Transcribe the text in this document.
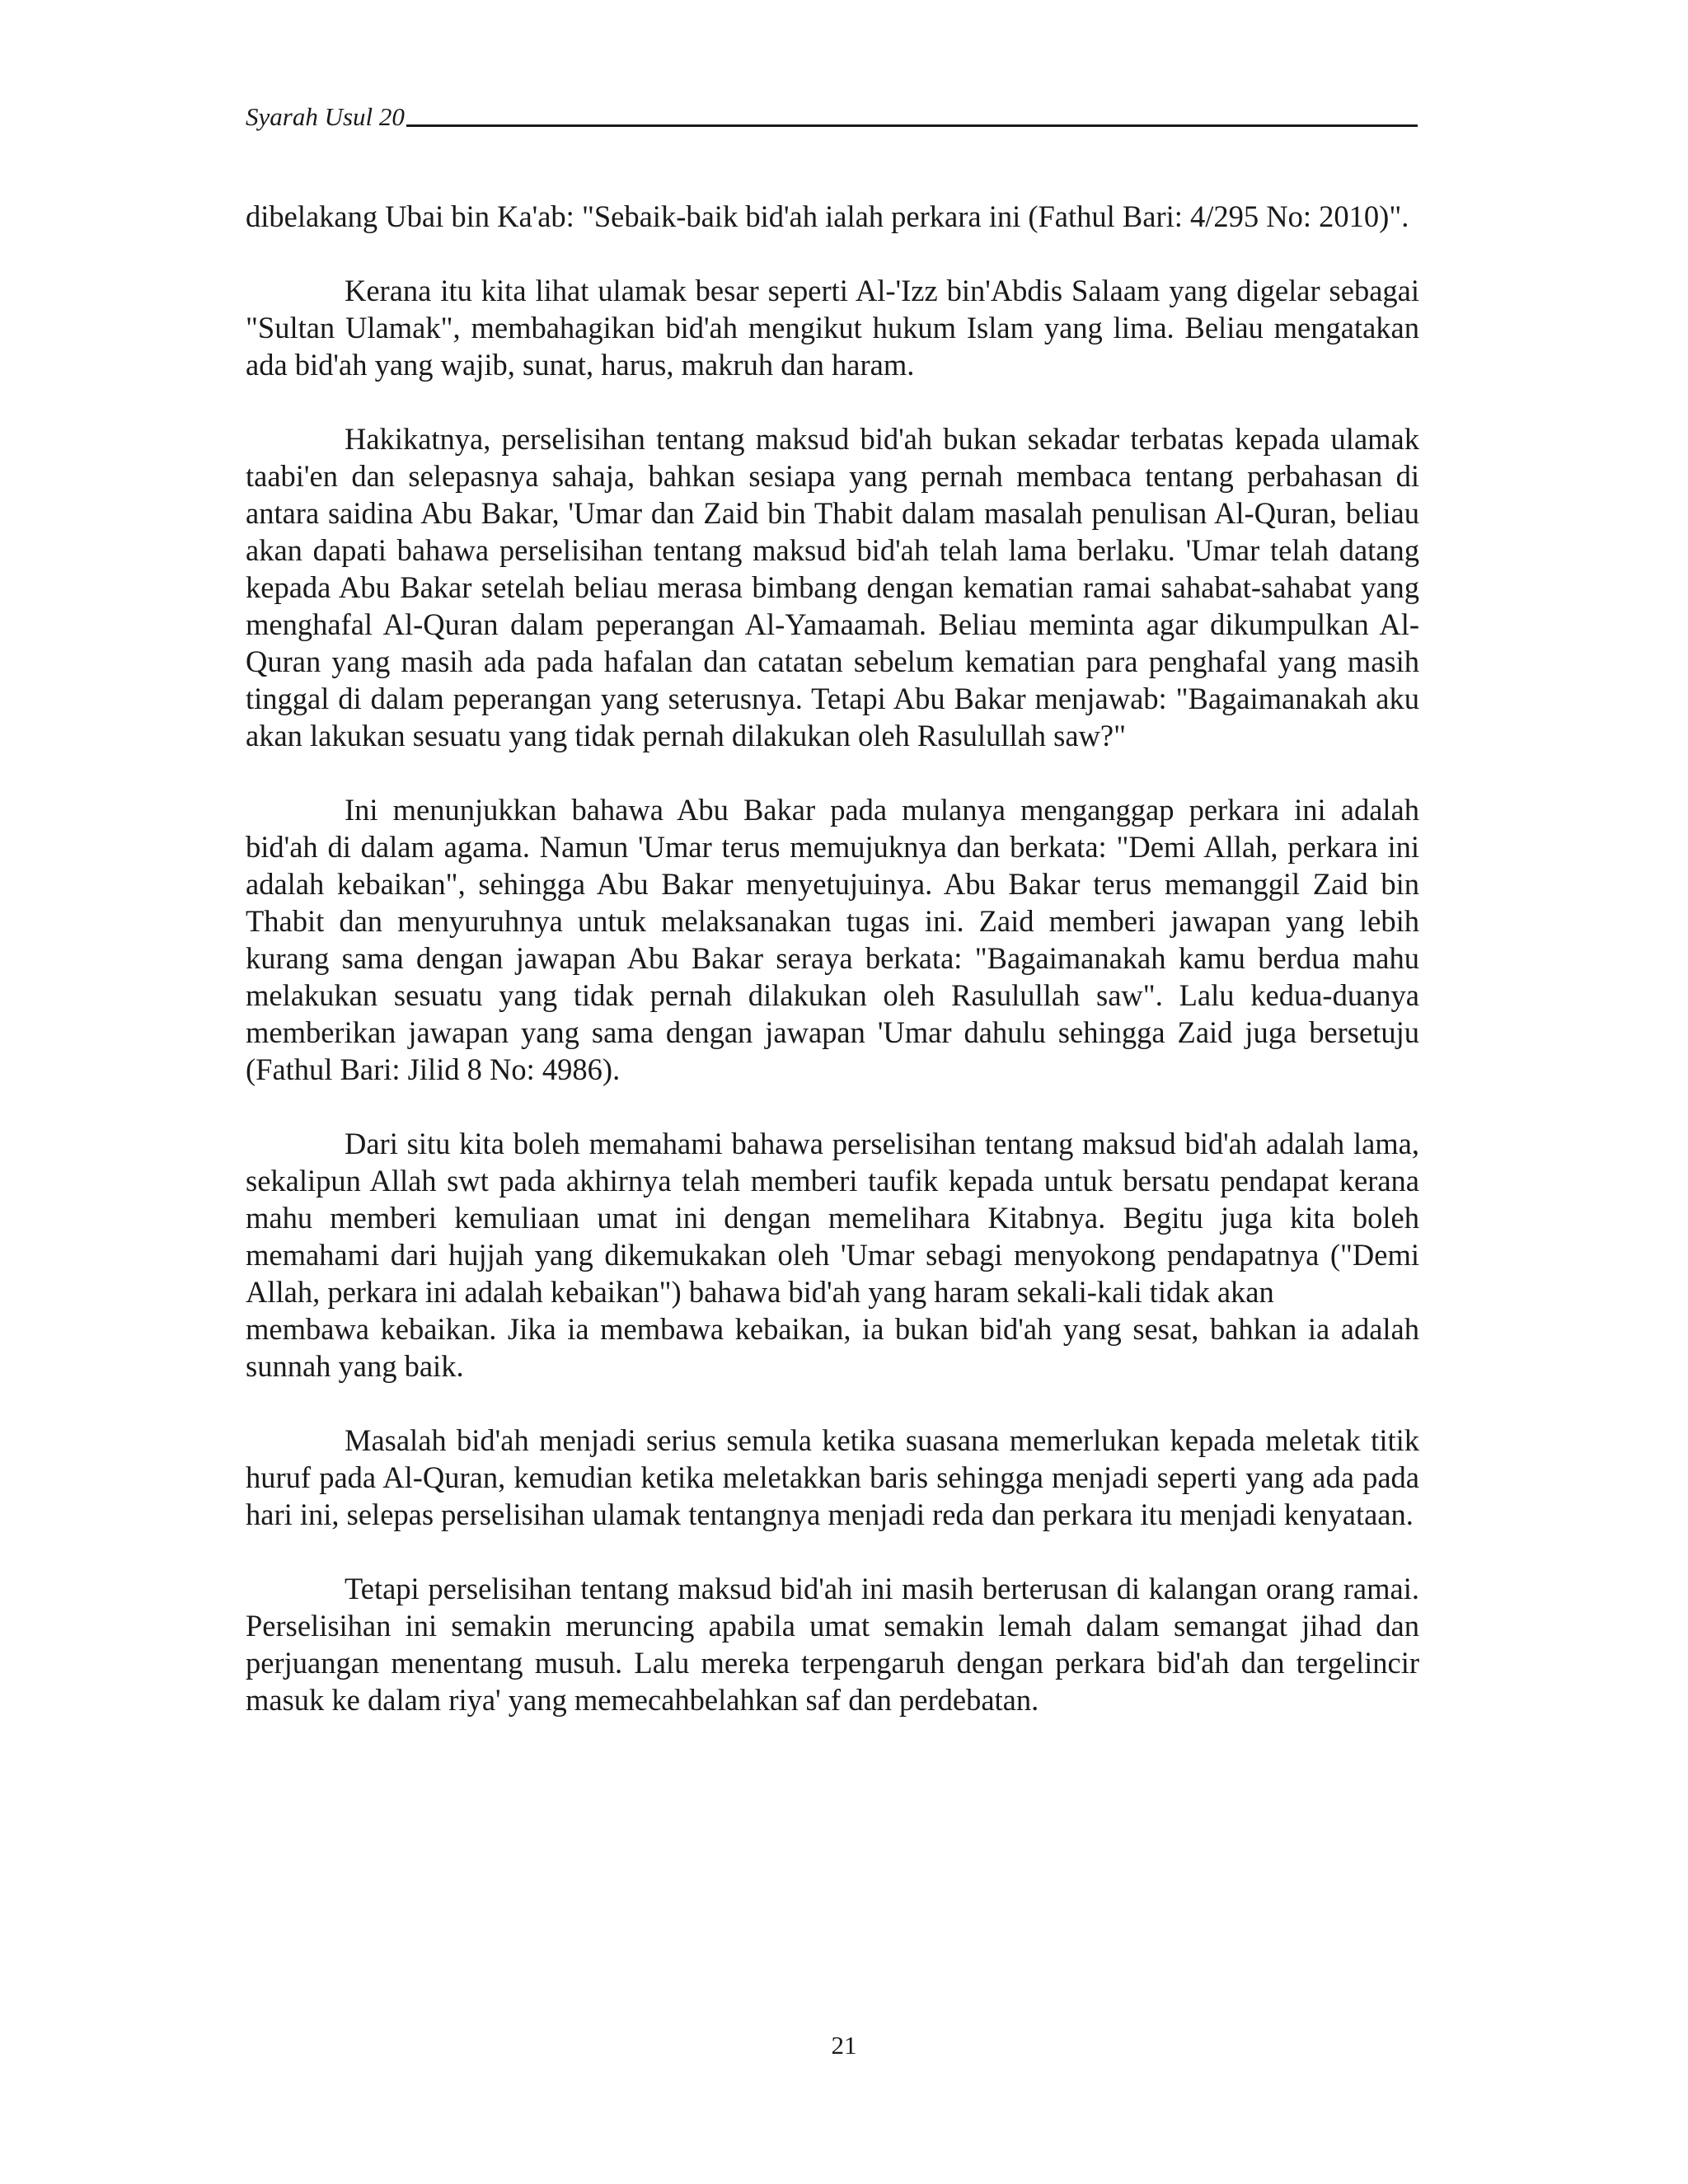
Syarah Usul 20

dibelakang Ubai bin Ka'ab: "Sebaik-baik bid'ah ialah perkara ini (Fathul Bari: 4/295 No: 2010)".

Kerana itu kita lihat ulamak besar seperti Al-'Izz bin'Abdis Salaam yang digelar sebagai "Sultan Ulamak", membahagikan bid'ah mengikut hukum Islam yang lima. Beliau mengatakan ada bid'ah yang wajib, sunat, harus, makruh dan haram.

Hakikatnya, perselisihan tentang maksud bid'ah bukan sekadar terbatas kepada ulamak taabi'en dan selepasnya sahaja, bahkan sesiapa yang pernah membaca tentang perbahasan di antara saidina Abu Bakar, 'Umar dan Zaid bin Thabit dalam masalah penulisan Al-Quran, beliau akan dapati bahawa perselisihan tentang maksud bid'ah telah lama berlaku. 'Umar telah datang kepada Abu Bakar setelah beliau merasa bimbang dengan kematian ramai sahabat-sahabat yang menghafal Al-Quran dalam peperangan Al-Yamaamah. Beliau meminta agar dikumpulkan Al-Quran yang masih ada pada hafalan dan catatan sebelum kematian para penghafal yang masih tinggal di dalam peperangan yang seterusnya. Tetapi Abu Bakar menjawab: "Bagaimanakah aku akan lakukan sesuatu yang tidak pernah dilakukan oleh Rasulullah saw?"

Ini menunjukkan bahawa Abu Bakar pada mulanya menganggap perkara ini adalah bid'ah di dalam agama. Namun 'Umar terus memujuknya dan berkata: "Demi Allah, perkara ini adalah kebaikan", sehingga Abu Bakar menyetujuinya. Abu Bakar terus memanggil Zaid bin Thabit dan menyuruhnya untuk melaksanakan tugas ini. Zaid memberi jawapan yang lebih kurang sama dengan jawapan Abu Bakar seraya berkata: "Bagaimanakah kamu berdua mahu melakukan sesuatu yang tidak pernah dilakukan oleh Rasulullah saw". Lalu kedua-duanya memberikan jawapan yang sama dengan jawapan 'Umar dahulu sehingga Zaid juga bersetuju (Fathul Bari: Jilid 8 No: 4986).

Dari situ kita boleh memahami bahawa perselisihan tentang maksud bid'ah adalah lama, sekalipun Allah swt pada akhirnya telah memberi taufik kepada untuk bersatu pendapat kerana mahu memberi kemuliaan umat ini dengan memelihara Kitabnya. Begitu juga kita boleh memahami dari hujjah yang dikemukakan oleh 'Umar sebagi menyokong pendapatnya ("Demi Allah, perkara ini adalah kebaikan") bahawa bid'ah yang haram sekali-kali tidak akan

membawa kebaikan. Jika ia membawa kebaikan, ia bukan bid'ah yang sesat, bahkan ia adalah sunnah yang baik.

Masalah bid'ah menjadi serius semula ketika suasana memerlukan kepada meletak titik huruf pada Al-Quran, kemudian ketika meletakkan baris sehingga menjadi seperti yang ada pada hari ini, selepas perselisihan ulamak tentangnya menjadi reda dan perkara itu menjadi kenyataan.

Tetapi perselisihan tentang maksud bid'ah ini masih berterusan di kalangan orang ramai. Perselisihan ini semakin meruncing apabila umat semakin lemah dalam semangat jihad dan perjuangan menentang musuh. Lalu mereka terpengaruh dengan perkara bid'ah dan tergelincir masuk ke dalam riya' yang memecahbelahkan saf dan perdebatan.

21
